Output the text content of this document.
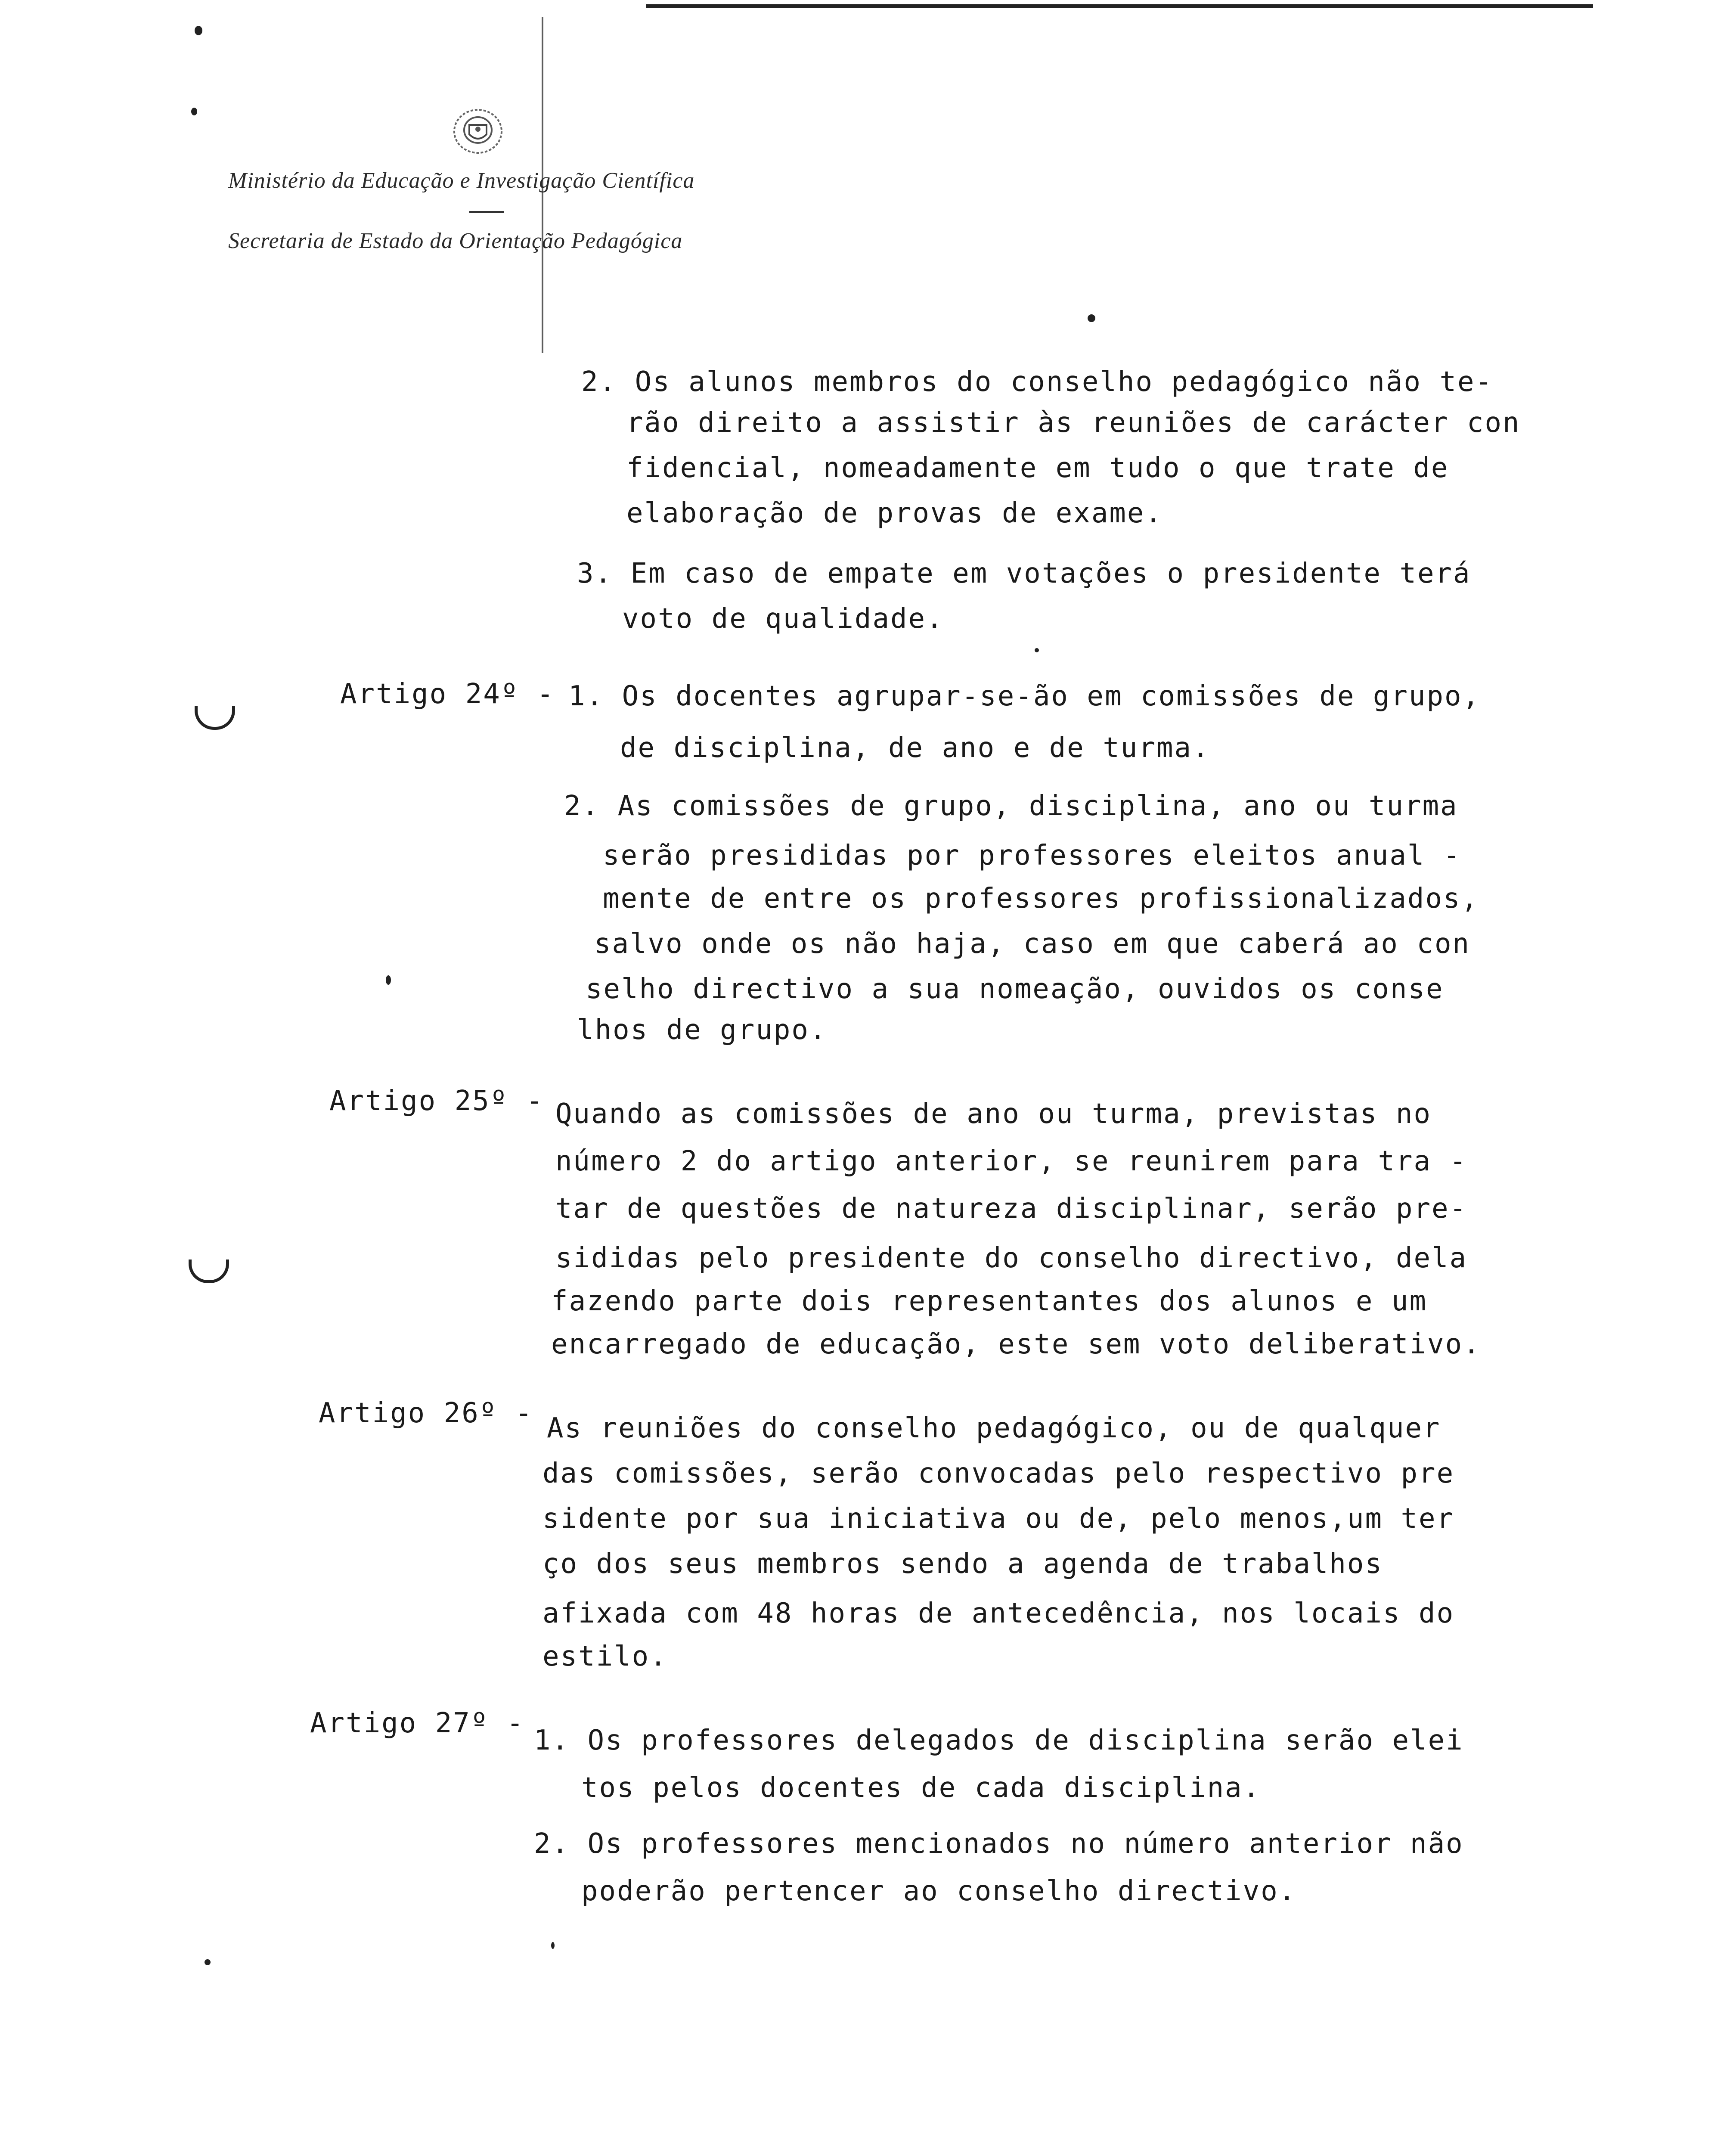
Ministério da Educação e Investigação Científica
Secretaria de Estado da Orientação Pedagógica
Artigo 24º -
Artigo 25º -
Artigo 26º -
Artigo 27º -
2. Os alunos membros do conselho pedagógico não te-
rão direito a assistir às reuniões de carácter con
fidencial, nomeadamente em tudo o que trate de
elaboração de provas de exame.
3. Em caso de empate em votações o presidente terá
voto de qualidade.
1. Os docentes agrupar-se-ão em comissões de grupo,
de disciplina, de ano e de turma.
2. As comissões de grupo, disciplina, ano ou turma
serão presididas por professores eleitos anual -
mente de entre os professores profissionalizados,
salvo onde os não haja, caso em que caberá ao con
selho directivo a sua nomeação, ouvidos os conse
lhos de grupo.
Quando as comissões de ano ou turma, previstas no
número 2 do artigo anterior, se reunirem para tra -
tar de questões de natureza disciplinar, serão pre-
sididas pelo presidente do conselho directivo, dela
fazendo parte dois representantes dos alunos e um
encarregado de educação, este sem voto deliberativo.
As reuniões do conselho pedagógico, ou de qualquer
das comissões, serão convocadas pelo respectivo pre
sidente por sua iniciativa ou de, pelo menos,um ter
ço dos seus membros sendo a agenda de trabalhos
afixada com 48 horas de antecedência, nos locais do
estilo.
1. Os professores delegados de disciplina serão elei
tos pelos docentes de cada disciplina.
2. Os professores mencionados no número anterior não
poderão pertencer ao conselho directivo.
